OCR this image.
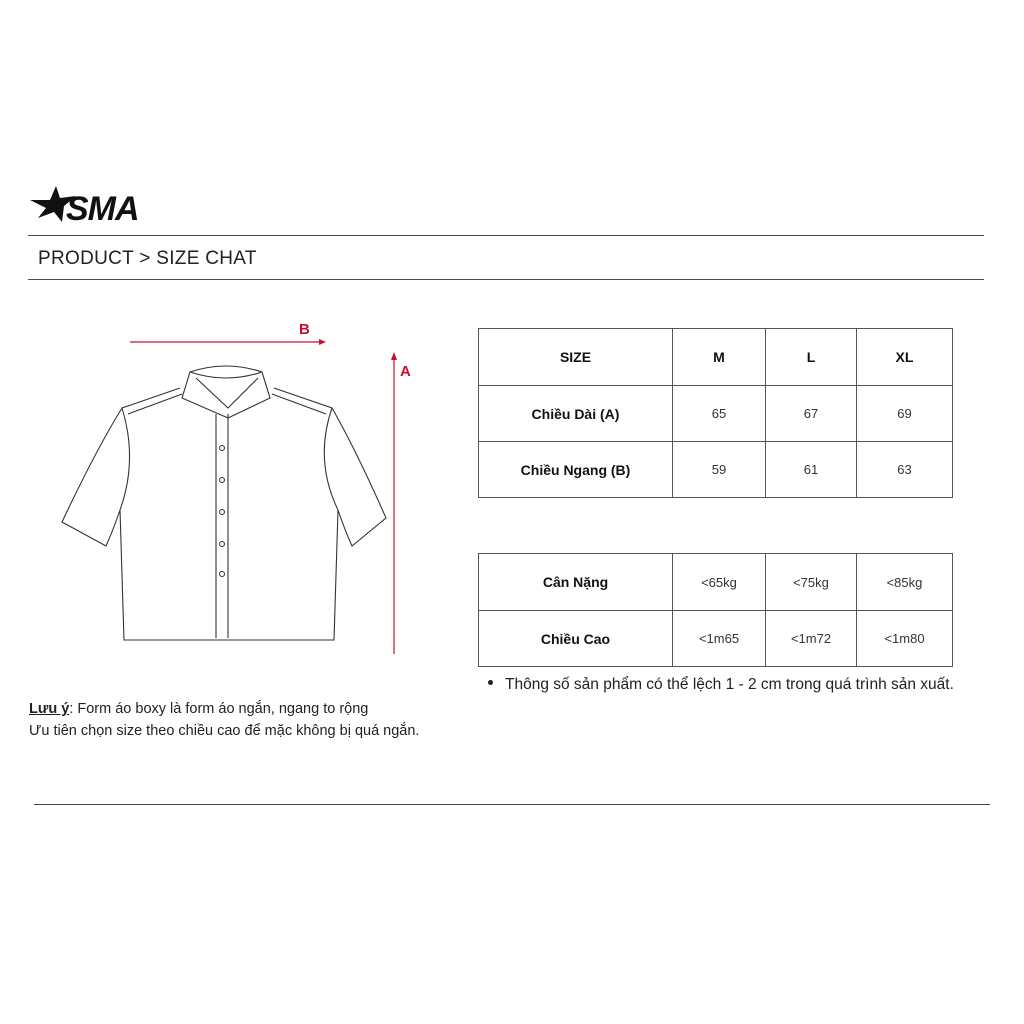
SMA
PRODUCT > SIZE CHAT
B
A
SIZE	M	L	XL
Chiều Dài (A)	65	67	69
Chiều Ngang (B)	59	61	63
Cân Nặng	<65kg	<75kg	<85kg
Chiều Cao	<1m65	<1m72	<1m80
Thông số sản phẩm có thể lệch 1 - 2 cm trong quá trình sản xuất.
Lưu ý: Form áo boxy là form áo ngắn, ngang to rộng
Ưu tiên chọn size theo chiều cao để mặc không bị quá ngắn.
